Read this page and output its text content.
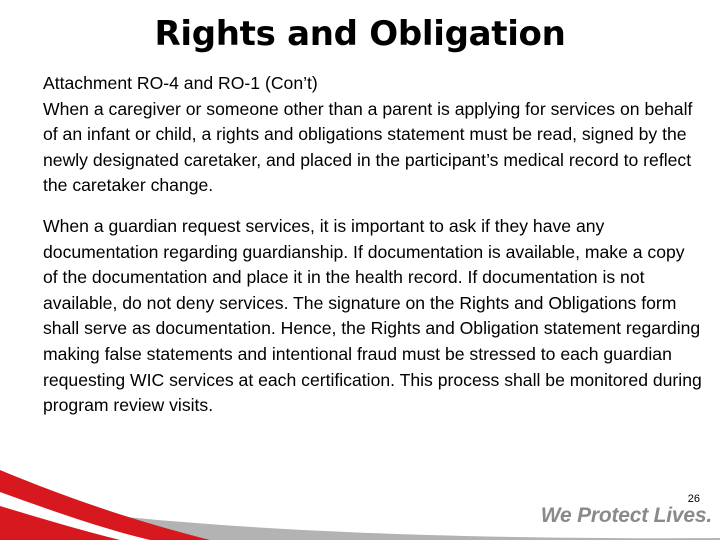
Rights and Obligation

Attachment RO-4 and RO-1 (Con’t)
When a caregiver or someone other than a parent is applying for services on behalf of an infant or child, a rights and obligations statement must be read, signed by the newly designated caretaker, and placed in the participant’s medical record to reflect the caretaker change.

When a guardian request services, it is important to ask if they have any documentation regarding guardianship. If documentation is available, make a copy of the documentation and place it in the health record. If documentation is not available, do not deny services. The signature on the Rights and Obligations form shall serve as documentation. Hence, the Rights and Obligation statement regarding making false statements and intentional fraud must be stressed to each guardian requesting WIC services at each certification. This process shall be monitored during program review visits.

26
We Protect Lives.
